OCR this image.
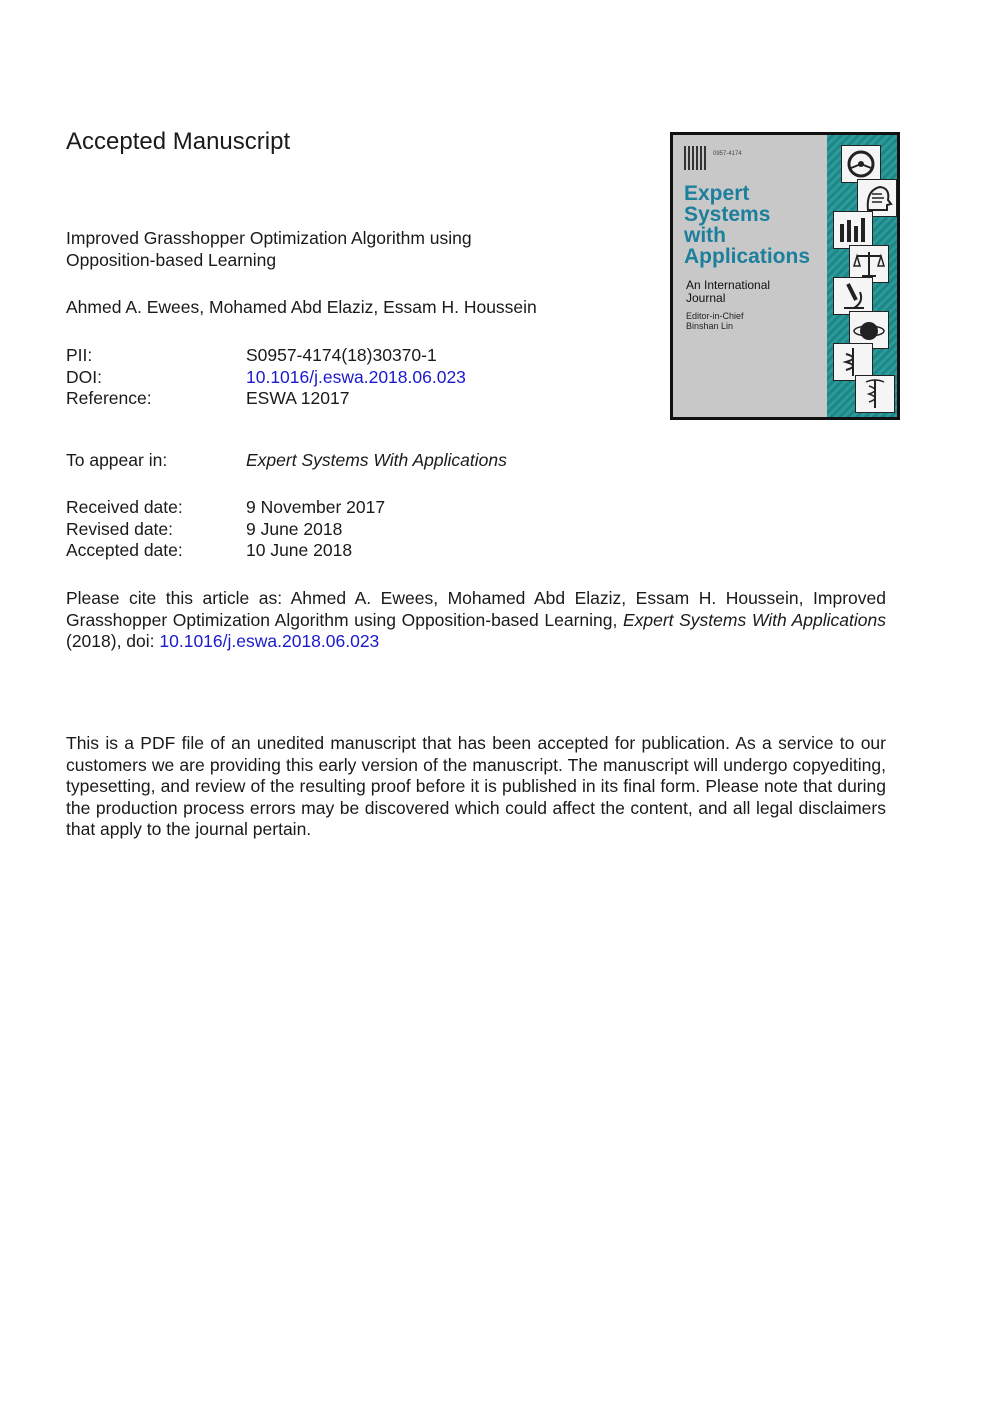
Accepted Manuscript
Improved Grasshopper Optimization Algorithm using
Opposition-based Learning
Ahmed A. Ewees, Mohamed Abd Elaziz, Essam H. Houssein
PII:	S0957-4174(18)30370-1
DOI:	10.1016/j.eswa.2018.06.023
Reference:	ESWA 12017
To appear in:	Expert Systems With Applications
Received date:	9 November 2017
Revised date:	9 June 2018
Accepted date:	10 June 2018
Please cite this article as: Ahmed A. Ewees, Mohamed Abd Elaziz, Essam H. Houssein, Improved Grasshopper Optimization Algorithm using Opposition-based Learning, Expert Systems With Applications (2018), doi: 10.1016/j.eswa.2018.06.023
This is a PDF file of an unedited manuscript that has been accepted for publication. As a service to our customers we are providing this early version of the manuscript. The manuscript will undergo copyediting, typesetting, and review of the resulting proof before it is published in its final form. Please note that during the production process errors may be discovered which could affect the content, and all legal disclaimers that apply to the journal pertain.
0957-4174
Expert
Systems
with
Applications
An International
Journal
Editor-in-Chief
Binshan Lin
